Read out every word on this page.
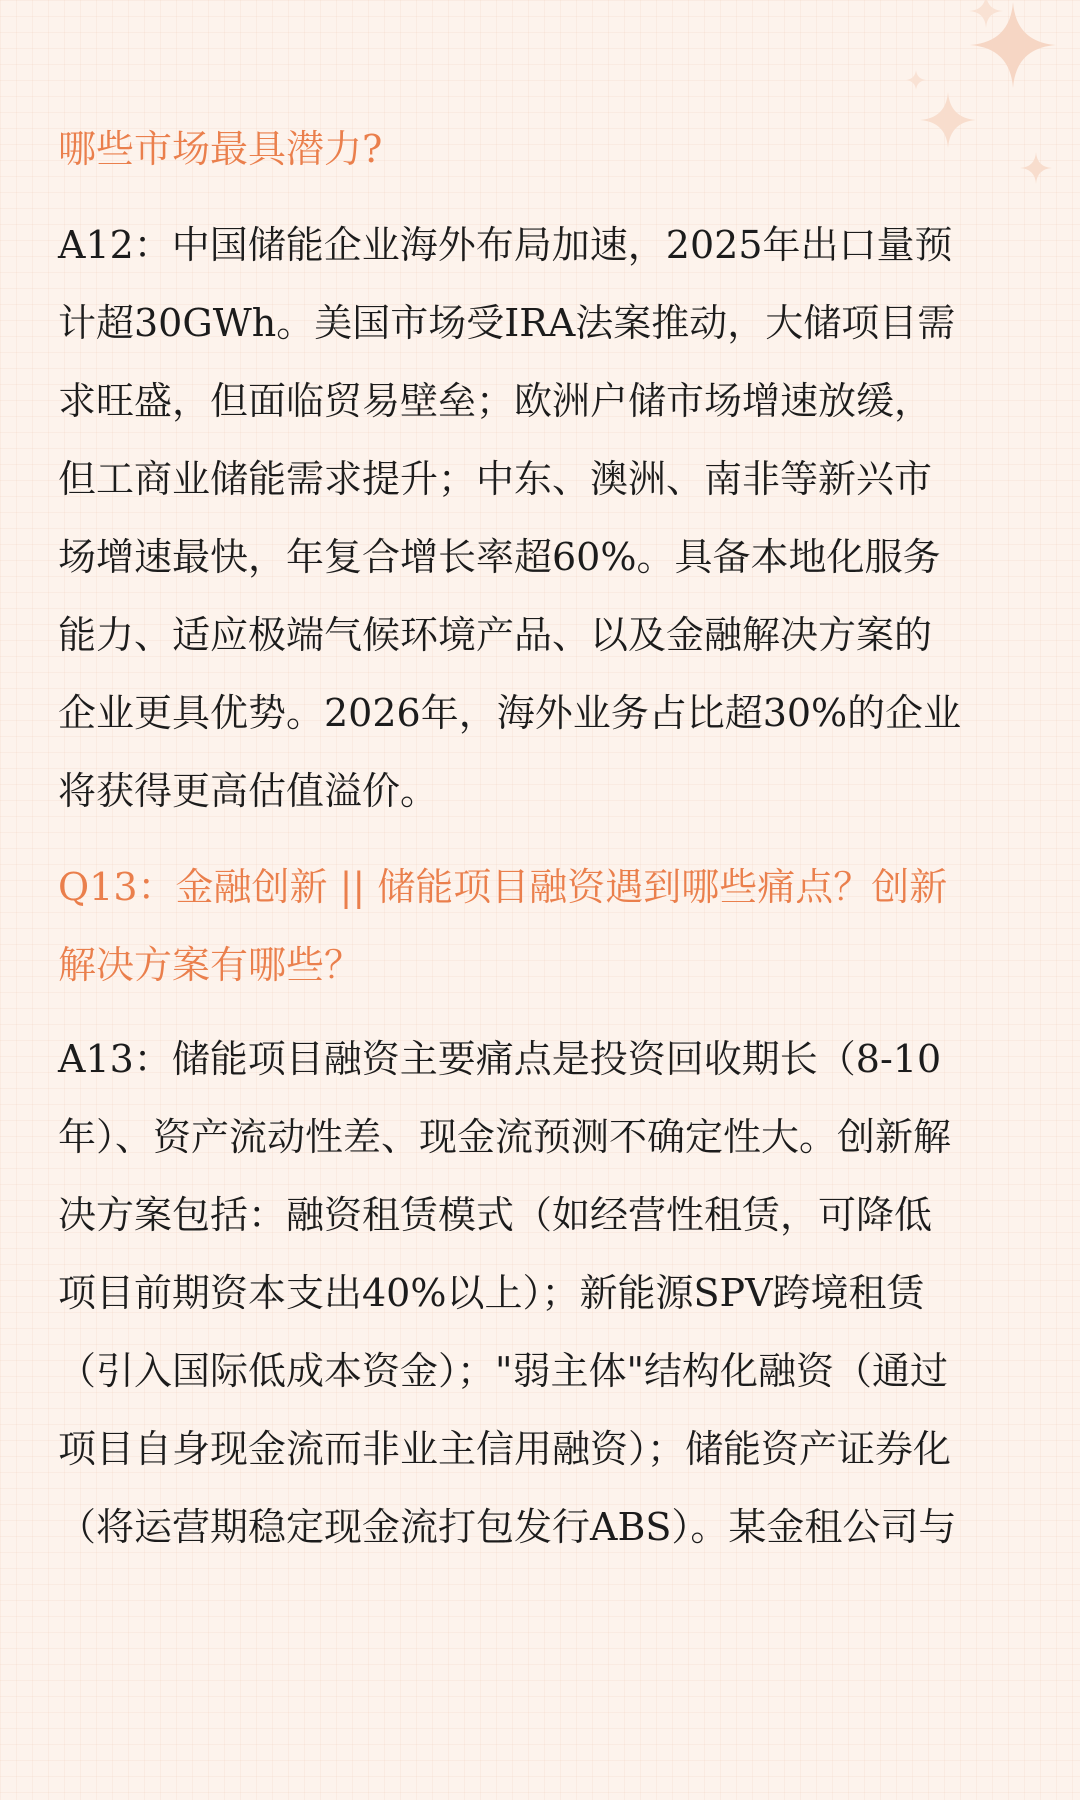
哪些市场最具潜力?
A12：中国储能企业海外布局加速，2025年出口量预
计超30GWh。美国市场受IRA法案推动，大储项目需
求旺盛，但面临贸易壁垒；欧洲户储市场增速放缓，
但工商业储能需求提升；中东、澳洲、南非等新兴市
场增速最快，年复合增长率超60%。具备本地化服务
能力、适应极端气候环境产品、以及金融解决方案的
企业更具优势。2026年，海外业务占比超30%的企业
将获得更高估值溢价。
Q13：金融创新 || 储能项目融资遇到哪些痛点？创新
解决方案有哪些？
A13：储能项目融资主要痛点是投资回收期长（8-10
年）、资产流动性差、现金流预测不确定性大。创新解
决方案包括：融资租赁模式（如经营性租赁，可降低
项目前期资本支出40%以上）；新能源SPV跨境租赁
（引入国际低成本资金）；"弱主体"结构化融资（通过
项目自身现金流而非业主信用融资）；储能资产证券化
（将运营期稳定现金流打包发行ABS）。某金租公司与
